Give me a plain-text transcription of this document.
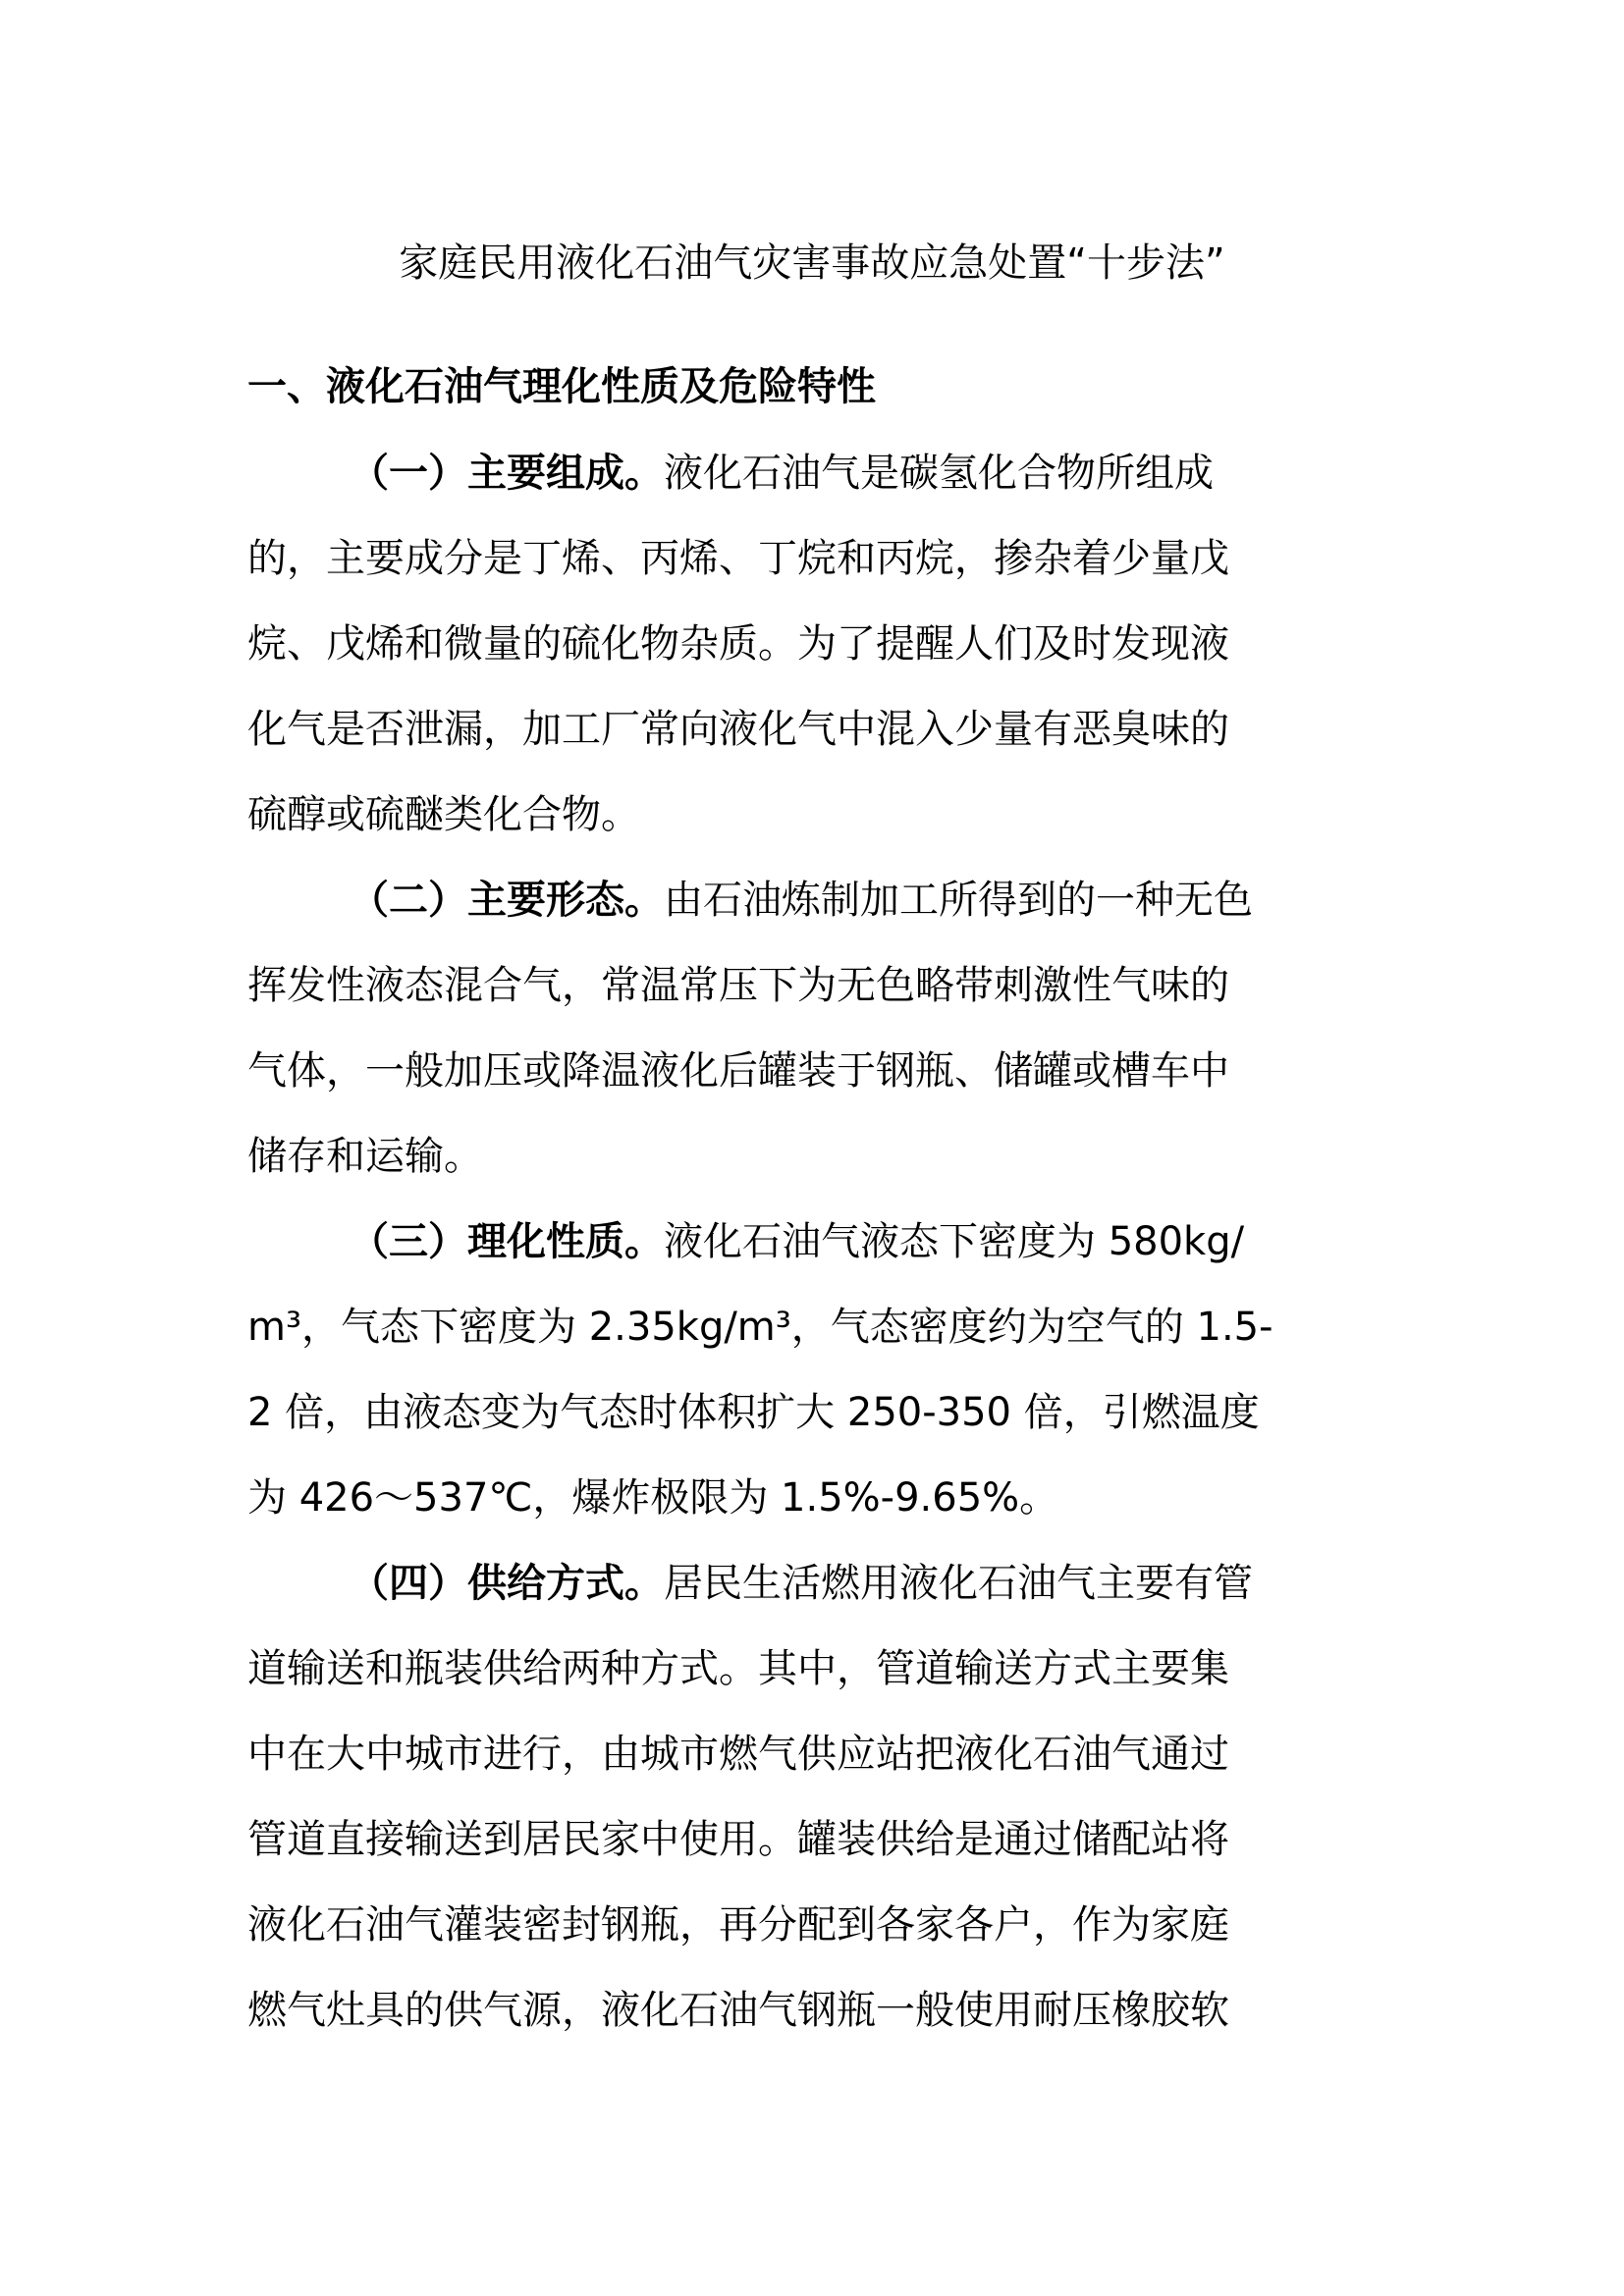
家庭民用液化石油气灾害事故应急处置“十步法”
一、液化石油气理化性质及危险特性

（一）主要组成。液化石油气是碳氢化合物所组成

的，主要成分是丁烯、丙烯、丁烷和丙烷，掺杂着少量戊

烷、戊烯和微量的硫化物杂质。为了提醒人们及时发现液

化气是否泄漏，加工厂常向液化气中混入少量有恶臭味的

硫醇或硫醚类化合物。

（二）主要形态。由石油炼制加工所得到的一种无色

挥发性液态混合气，常温常压下为无色略带刺激性气味的

气体，一般加压或降温液化后罐装于钢瓶、储罐或槽车中

储存和运输。

（三）理化性质。液化石油气液态下密度为 580kg/

m³，气态下密度为 2.35kg/m³，气态密度约为空气的 1.5-

2 倍，由液态变为气态时体积扩大 250-350 倍，引燃温度

为 426～537℃，爆炸极限为 1.5%-9.65%。

（四）供给方式。居民生活燃用液化石油气主要有管

道输送和瓶装供给两种方式。其中，管道输送方式主要集

中在大中城市进行，由城市燃气供应站把液化石油气通过

管道直接输送到居民家中使用。罐装供给是通过储配站将

液化石油气灌装密封钢瓶，再分配到各家各户，作为家庭

燃气灶具的供气源，液化石油气钢瓶一般使用耐压橡胶软
